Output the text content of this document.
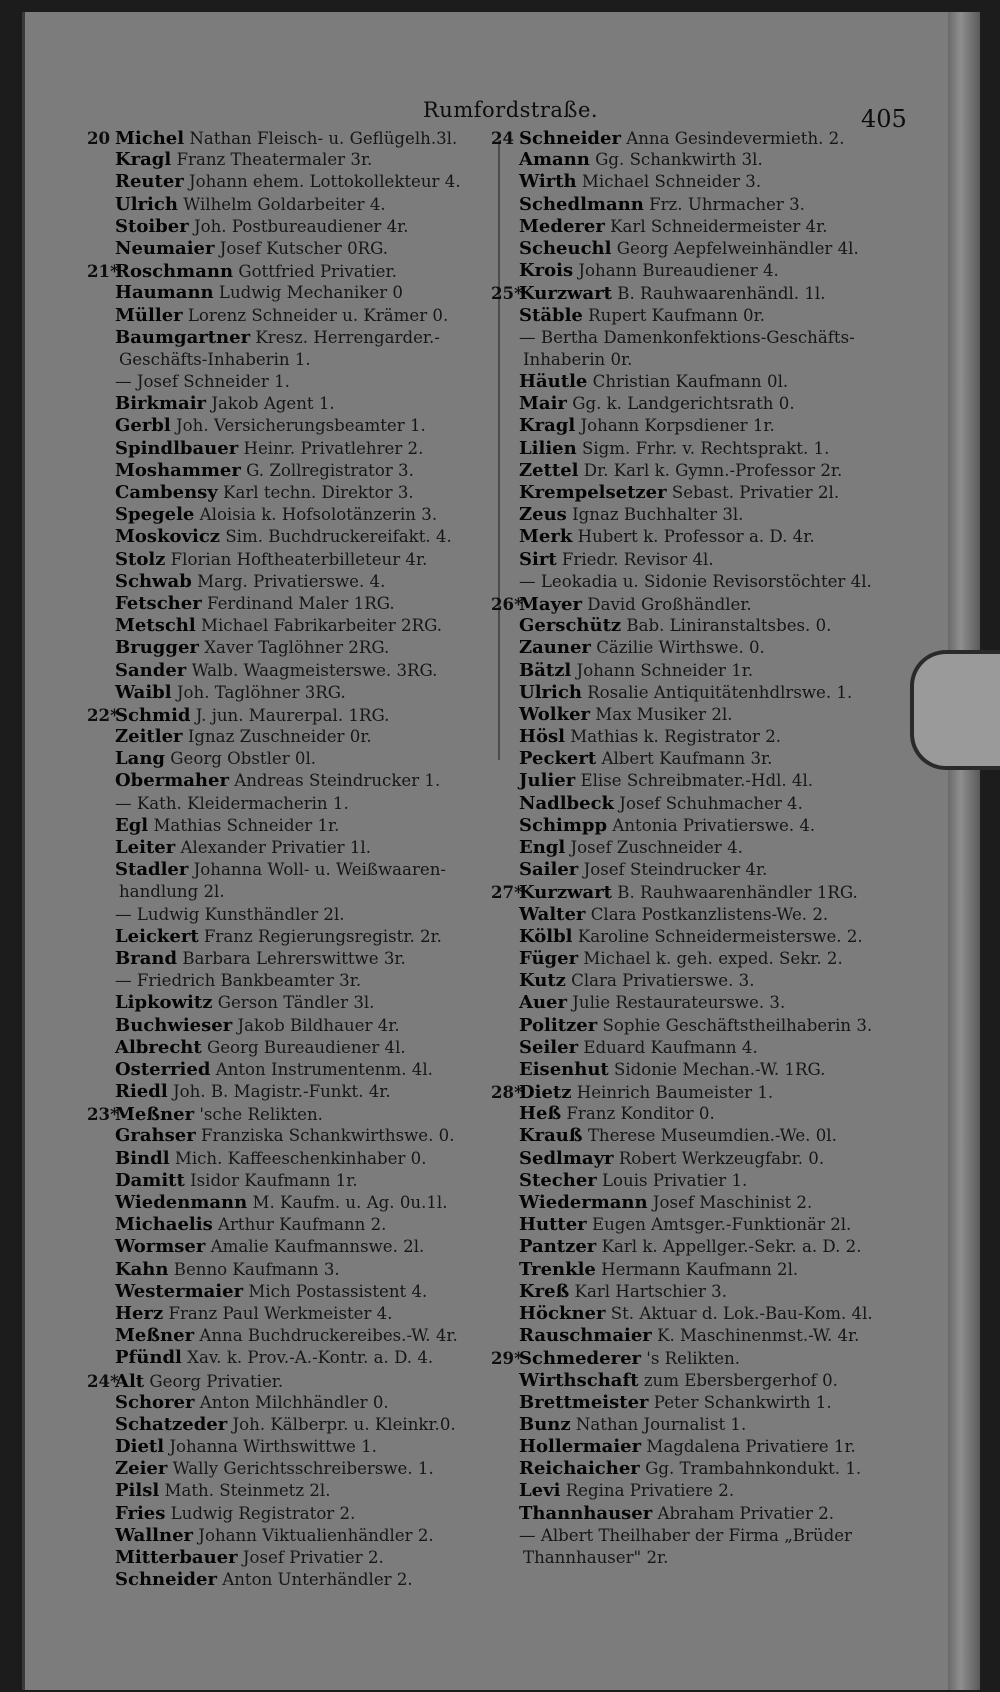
Rumfordstraße.	405
20 Michel Nathan Fleisch- u. Geflügelh.3l.
Kragl Franz Theatermaler 3r.
Reuter Johann ehem. Lottokollekteur 4.
Ulrich Wilhelm Goldarbeiter 4.
Stoiber Joh. Postbureaudiener 4r.
Neumaier Josef Kutscher 0RG.
21*Roschmann Gottfried Privatier.
Haumann Ludwig Mechaniker 0
Müller Lorenz Schneider u. Krämer 0.
Baumgartner Kresz. Herrengarder.-
Geschäfts-Inhaberin 1.
— Josef Schneider 1.
Birkmair Jakob Agent 1.
Gerbl Joh. Versicherungsbeamter 1.
Spindlbauer Heinr. Privatlehrer 2.
Moshammer G. Zollregistrator 3.
Cambensy Karl techn. Direktor 3.
Spegele Aloisia k. Hofsolotänzerin 3.
Moskovicz Sim. Buchdruckereifakt. 4.
Stolz Florian Hoftheaterbilleteur 4r.
Schwab Marg. Privatierswe. 4.
Fetscher Ferdinand Maler 1RG.
Metschl Michael Fabrikarbeiter 2RG.
Brugger Xaver Taglöhner 2RG.
Sander Walb. Waagmeisterswe. 3RG.
Waibl Joh. Taglöhner 3RG.
22*Schmid J. jun. Maurerpal. 1RG.
Zeitler Ignaz Zuschneider 0r.
Lang Georg Obstler 0l.
Obermaher Andreas Steindrucker 1.
— Kath. Kleidermacherin 1.
Egl Mathias Schneider 1r.
Leiter Alexander Privatier 1l.
Stadler Johanna Woll- u. Weißwaaren-
handlung 2l.
— Ludwig Kunsthändler 2l.
Leickert Franz Regierungsregistr. 2r.
Brand Barbara Lehrerswittwe 3r.
— Friedrich Bankbeamter 3r.
Lipkowitz Gerson Tändler 3l.
Buchwieser Jakob Bildhauer 4r.
Albrecht Georg Bureaudiener 4l.
Osterried Anton Instrumentenm. 4l.
Riedl Joh. B. Magistr.-Funkt. 4r.
23*Meßner 'sche Relikten.
Grahser Franziska Schankwirthswe. 0.
Bindl Mich. Kaffeeschenkinhaber 0.
Damitt Isidor Kaufmann 1r.
Wiedenmann M. Kaufm. u. Ag. 0u.1l.
Michaelis Arthur Kaufmann 2.
Wormser Amalie Kaufmannswe. 2l.
Kahn Benno Kaufmann 3.
Westermaier Mich Postassistent 4.
Herz Franz Paul Werkmeister 4.
Meßner Anna Buchdruckereibes.-W. 4r.
Pfündl Xav. k. Prov.-A.-Kontr. a. D. 4.
24*Alt Georg Privatier.
Schorer Anton Milchhändler 0.
Schatzeder Joh. Kälberpr. u. Kleinkr.0.
Dietl Johanna Wirthswittwe 1.
Zeier Wally Gerichtsschreiberswe. 1.
Pilsl Math. Steinmetz 2l.
Fries Ludwig Registrator 2.
Wallner Johann Viktualienhändler 2.
Mitterbauer Josef Privatier 2.
Schneider Anton Unterhändler 2.
24 Schneider Anna Gesindevermieth. 2.
Amann Gg. Schankwirth 3l.
Wirth Michael Schneider 3.
Schedlmann Frz. Uhrmacher 3.
Mederer Karl Schneidermeister 4r.
Scheuchl Georg Aepfelweinhändler 4l.
Krois Johann Bureaudiener 4.
25*Kurzwart B. Rauhwaarenhändl. 1l.
Stäble Rupert Kaufmann 0r.
— Bertha Damenkonfektions-Geschäfts-
Inhaberin 0r.
Häutle Christian Kaufmann 0l.
Mair Gg. k. Landgerichtsrath 0.
Kragl Johann Korpsdiener 1r.
Lilien Sigm. Frhr. v. Rechtsprakt. 1.
Zettel Dr. Karl k. Gymn.-Professor 2r.
Krempelsetzer Sebast. Privatier 2l.
Zeus Ignaz Buchhalter 3l.
Merk Hubert k. Professor a. D. 4r.
Sirt Friedr. Revisor 4l.
— Leokadia u. Sidonie Revisorstöchter 4l.
26*Mayer David Großhändler.
Gerschütz Bab. Liniranstaltsbes. 0.
Zauner Cäzilie Wirthswe. 0.
Bätzl Johann Schneider 1r.
Ulrich Rosalie Antiquitätenhdlrswe. 1.
Wolker Max Musiker 2l.
Hösl Mathias k. Registrator 2.
Peckert Albert Kaufmann 3r.
Julier Elise Schreibmater.-Hdl. 4l.
Nadlbeck Josef Schuhmacher 4.
Schimpp Antonia Privatierswe. 4.
Engl Josef Zuschneider 4.
Sailer Josef Steindrucker 4r.
27*Kurzwart B. Rauhwaarenhändler 1RG.
Walter Clara Postkanzlistens-We. 2.
Kölbl Karoline Schneidermeisterswe. 2.
Füger Michael k. geh. exped. Sekr. 2.
Kutz Clara Privatierswe. 3.
Auer Julie Restaurateurswe. 3.
Politzer Sophie Geschäftstheilhaberin 3.
Seiler Eduard Kaufmann 4.
Eisenhut Sidonie Mechan.-W. 1RG.
28*Dietz Heinrich Baumeister 1.
Heß Franz Konditor 0.
Krauß Therese Museumdien.-We. 0l.
Sedlmayr Robert Werkzeugfabr. 0.
Stecher Louis Privatier 1.
Wiedermann Josef Maschinist 2.
Hutter Eugen Amtsger.-Funktionär 2l.
Pantzer Karl k. Appellger.-Sekr. a. D. 2.
Trenkle Hermann Kaufmann 2l.
Kreß Karl Hartschier 3.
Höckner St. Aktuar d. Lok.-Bau-Kom. 4l.
Rauschmaier K. Maschinenmst.-W. 4r.
29*Schmederer 's Relikten.
Wirthschaft zum Ebersbergerhof 0.
Brettmeister Peter Schankwirth 1.
Bunz Nathan Journalist 1.
Hollermaier Magdalena Privatiere 1r.
Reichaicher Gg. Trambahnkondukt. 1.
Levi Regina Privatiere 2.
Thannhauser Abraham Privatier 2.
— Albert Theilhaber der Firma „Brüder
Thannhauser" 2r.
